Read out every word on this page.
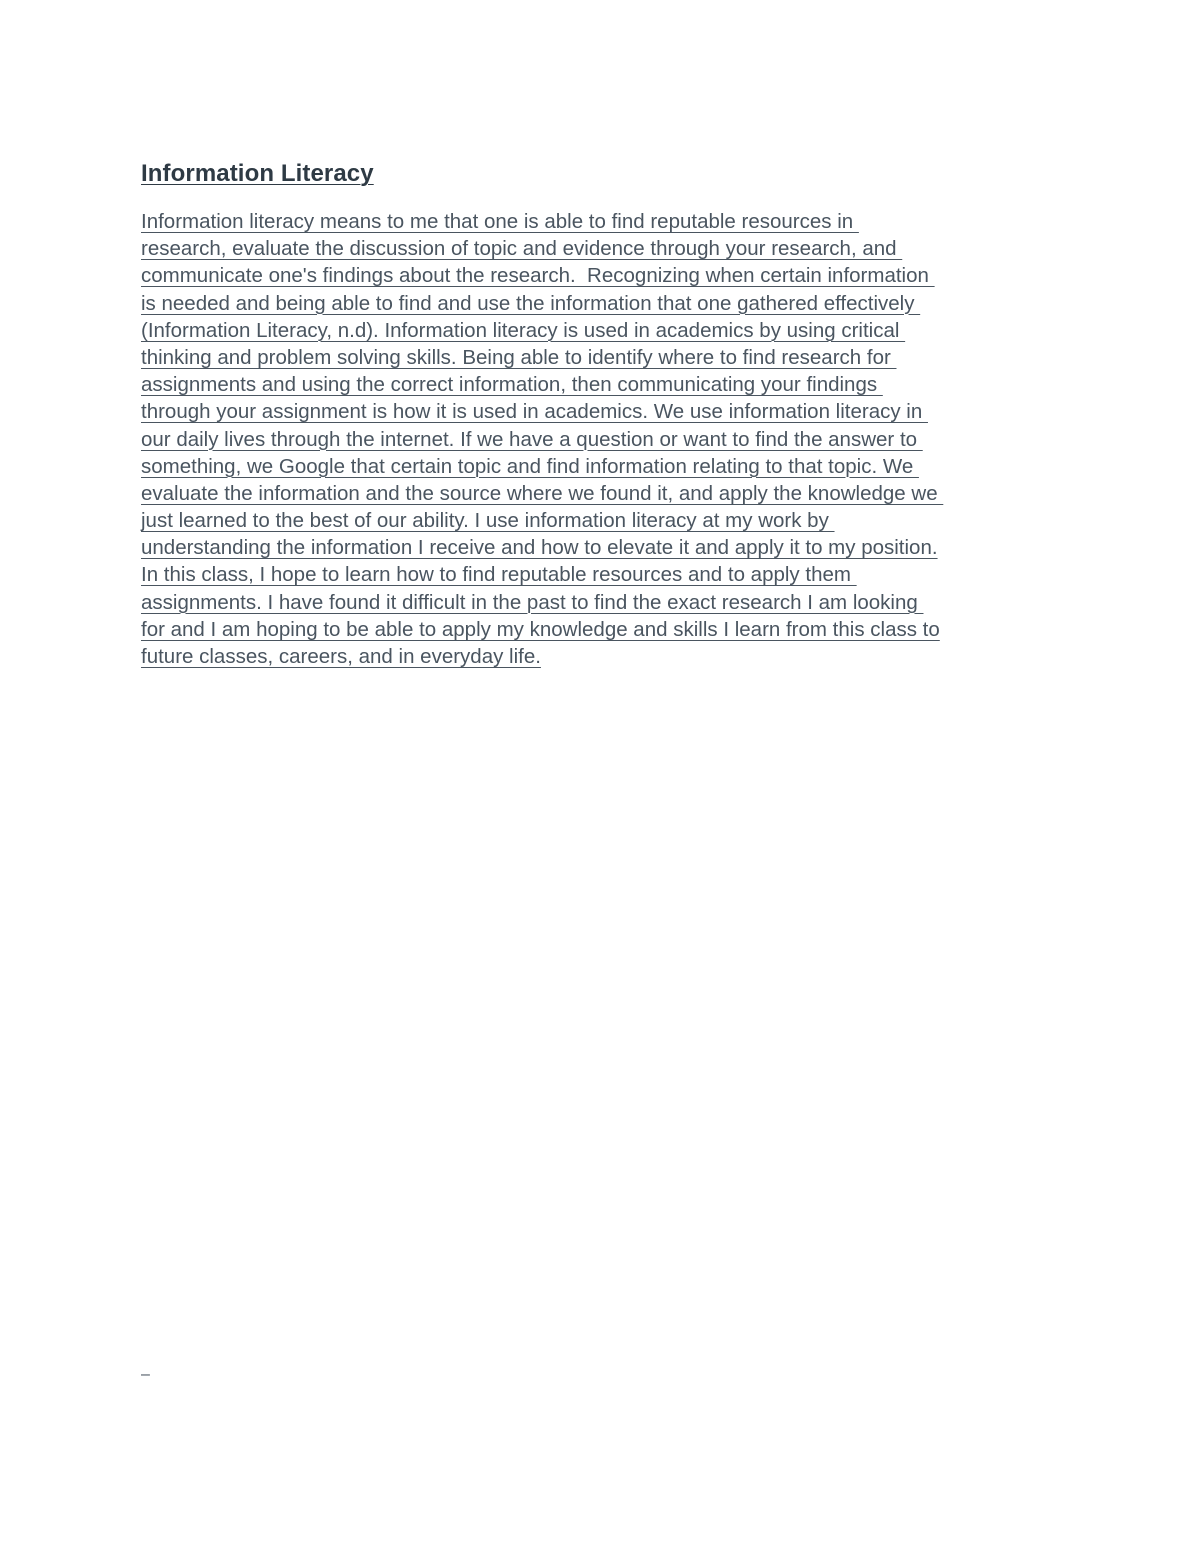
Information Literacy
Information literacy means to me that one is able to find reputable resources in
research, evaluate the discussion of topic and evidence through your research, and
communicate one's findings about the research.  Recognizing when certain information
is needed and being able to find and use the information that one gathered effectively
(Information Literacy, n.d). Information literacy is used in academics by using critical
thinking and problem solving skills. Being able to identify where to find research for
assignments and using the correct information, then communicating your findings
through your assignment is how it is used in academics. We use information literacy in
our daily lives through the internet. If we have a question or want to find the answer to
something, we Google that certain topic and find information relating to that topic. We
evaluate the information and the source where we found it, and apply the knowledge we
just learned to the best of our ability. I use information literacy at my work by
understanding the information I receive and how to elevate it and apply it to my position.
In this class, I hope to learn how to find reputable resources and to apply them
assignments. I have found it difficult in the past to find the exact research I am looking
for and I am hoping to be able to apply my knowledge and skills I learn from this class to
future classes, careers, and in everyday life.
–
